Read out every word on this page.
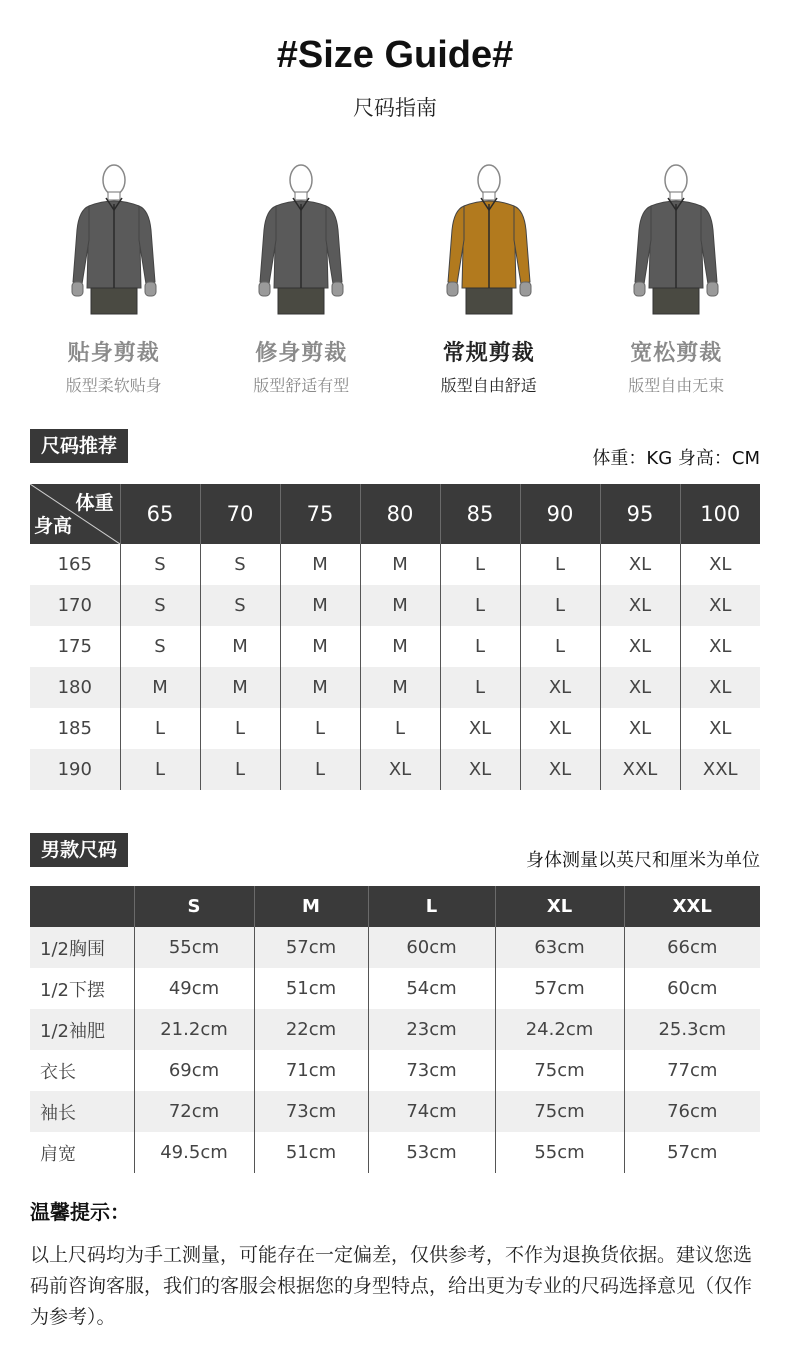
#Size Guide#
尺码指南
贴身剪裁
版型柔软贴身
修身剪裁
版型舒适有型
常规剪裁
版型自由舒适
宽松剪裁
版型自由无束
尺码推荐
体重：KG 身高：CM
体重
身高	65	70	75	80	85	90	95	100
165	S	S	M	M	L	L	XL	XL
170	S	S	M	M	L	L	XL	XL
175	S	M	M	M	L	L	XL	XL
180	M	M	M	M	L	XL	XL	XL
185	L	L	L	L	XL	XL	XL	XL
190	L	L	L	XL	XL	XL	XXL	XXL
男款尺码	身体测量以英尺和厘米为单位
	S	M	L	XL	XXL
1/2胸围	55cm	57cm	60cm	63cm	66cm
1/2下摆	49cm	51cm	54cm	57cm	60cm
1/2袖肥	21.2cm	22cm	23cm	24.2cm	25.3cm
衣长	69cm	71cm	73cm	75cm	77cm
袖长	72cm	73cm	74cm	75cm	76cm
肩宽	49.5cm	51cm	53cm	55cm	57cm
温馨提示：
以上尺码均为手工测量，可能存在一定偏差，仅供参考，不作为退换货依据。建议您选码前咨询客服，我们的客服会根据您的身型特点，给出更为专业的尺码选择意见（仅作为参考）。
